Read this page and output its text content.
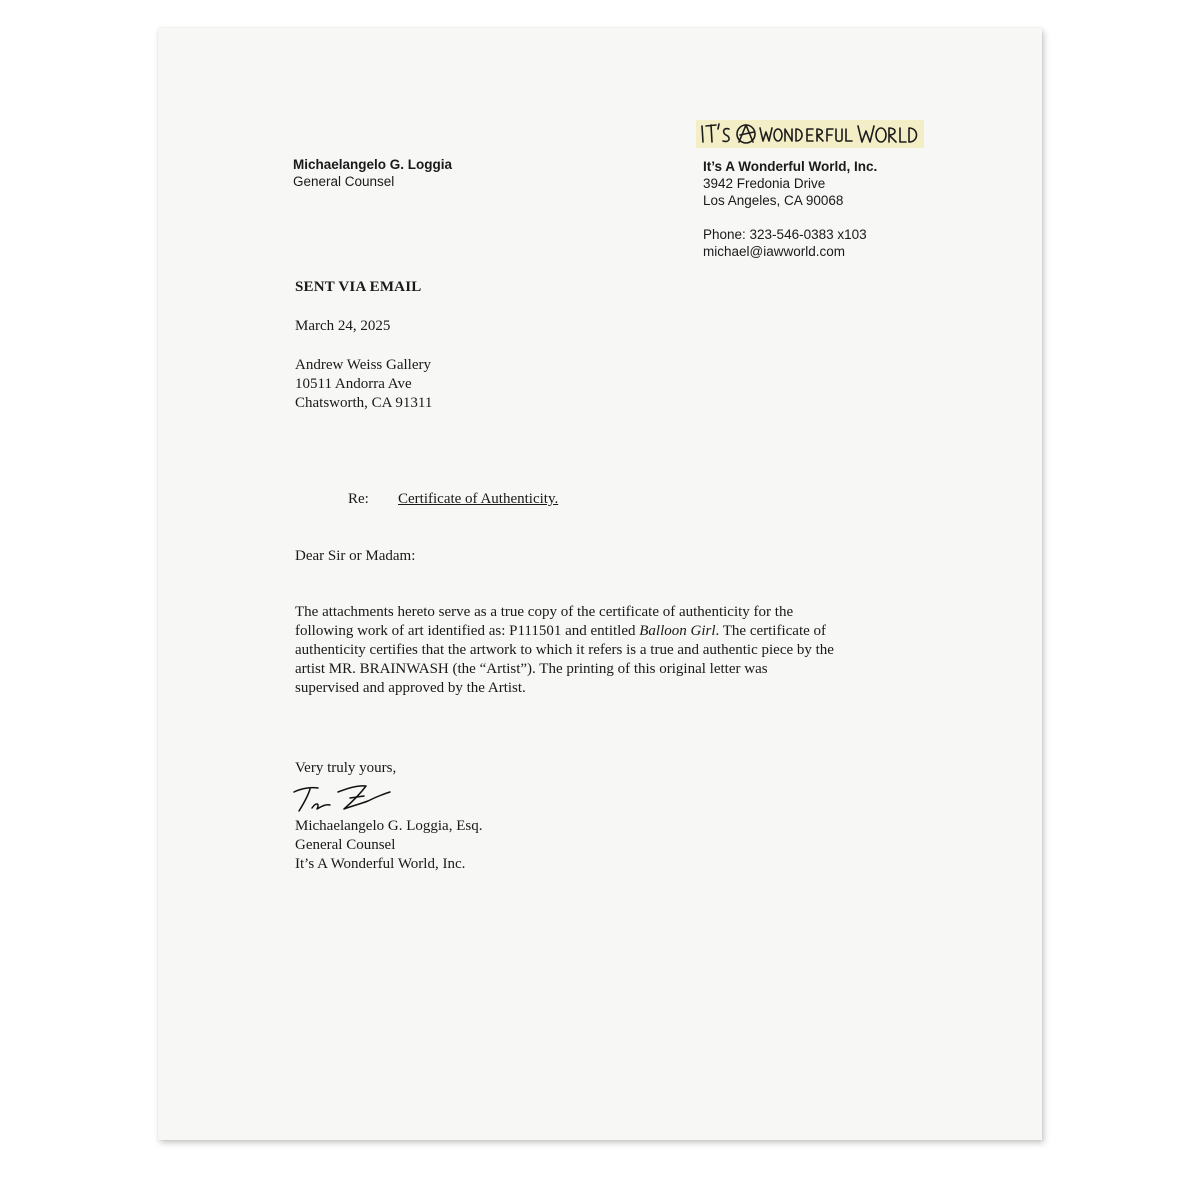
Michaelangelo G. Loggia
General Counsel
It’s A Wonderful World, Inc.
3942 Fredonia Drive
Los Angeles, CA 90068
Phone: 323-546-0383 x103
michael@iawworld.com
SENT VIA EMAIL
March 24, 2025
Andrew Weiss Gallery
10511 Andorra Ave
Chatsworth, CA 91311
Re: Certificate of Authenticity.
Dear Sir or Madam:
The attachments hereto serve as a true copy of the certificate of authenticity for the
following work of art identified as: P111501 and entitled Balloon Girl. The certificate of
authenticity certifies that the artwork to which it refers is a true and authentic piece by the
artist MR. BRAINWASH (the “Artist”). The printing of this original letter was
supervised and approved by the Artist.
Very truly yours,
Michaelangelo G. Loggia, Esq.
General Counsel
It’s A Wonderful World, Inc.
